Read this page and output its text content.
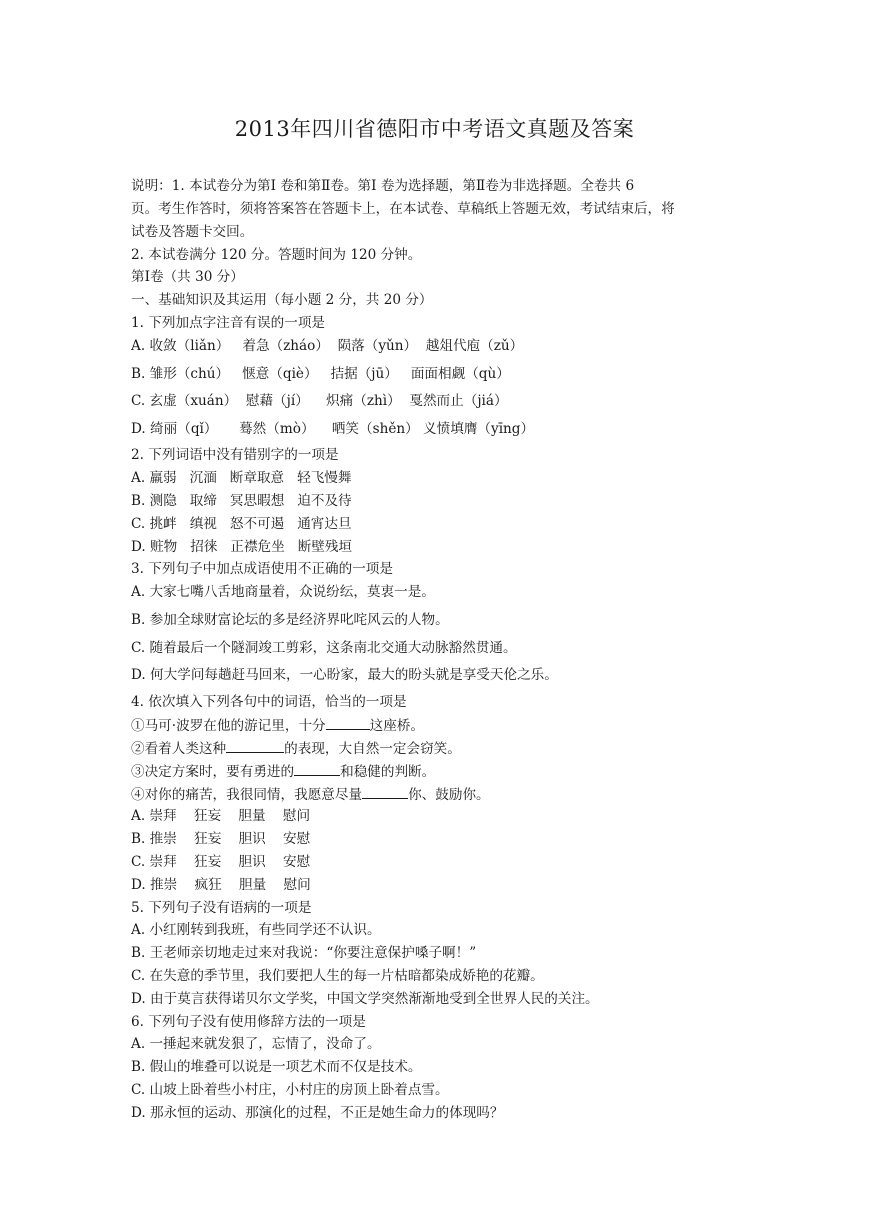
2013年四川省德阳市中考语文真题及答案
说明：1. 本试卷分为第Ⅰ 卷和第Ⅱ卷。第Ⅰ 卷为选择题，第Ⅱ卷为非选择题。全卷共 6
页。考生作答时，须将答案答在答题卡上，在本试卷、草稿纸上答题无效，考试结束后，将
试卷及答题卡交回。
2. 本试卷满分 120 分。答题时间为 120 分钟。
第Ⅰ卷（共 30 分）
一、基础知识及其运用（每小题 2 分，共 20 分）
1. 下列加点字注音有误的一项是
A. 收敛（liǎn）   着急（zháo）  陨落（yǔn）  越俎代庖（zǔ）
B. 雏形（chú）   惬意（qiè）   拮据（jū）   面面相觑（qù）
C. 玄虚（xuán）  慰藉（jí）    炽痛（zhì）  戛然而止（jiá）
D. 绮丽（qǐ）     蓦然（mò）    哂笑（shěn） 义愤填膺（yīng）
2. 下列词语中没有错别字的一项是
A. 羸弱   沉湎   断章取意   轻飞慢舞
B. 测隐   取缔   冥思暇想   迫不及待
C. 挑衅   缜视   怒不可遏   通宵达旦
D. 赃物   招徕   正襟危坐   断壁残垣
3. 下列句子中加点成语使用不正确的一项是
A. 大家七嘴八舌地商量着，众说纷纭，莫衷一是。
B. 参加全球财富论坛的多是经济界叱咤风云的人物。
C. 随着最后一个隧洞竣工剪彩，这条南北交通大动脉豁然贯通。
D. 何大学问每趟赶马回来，一心盼家，最大的盼头就是享受天伦之乐。
4. 依次填入下列各句中的词语，恰当的一项是
①马可·波罗在他的游记里，十分	这座桥。
②看着人类这种	的表现，大自然一定会窃笑。
③决定方案时，要有勇进的	和稳健的判断。
④对你的痛苦，我很同情，我愿意尽量	你、鼓励你。
A. 崇拜    狂妄    胆量    慰问
B. 推崇    狂妄    胆识    安慰
C. 崇拜    狂妄    胆识    安慰
D. 推崇    疯狂    胆量    慰问
5. 下列句子没有语病的一项是
A. 小红刚转到我班，有些同学还不认识。
B. 王老师亲切地走过来对我说：“你要注意保护嗓子啊！”
C. 在失意的季节里，我们要把人生的每一片枯暗都染成娇艳的花瓣。
D. 由于莫言获得诺贝尔文学奖，中国文学突然渐渐地受到全世界人民的关注。
6. 下列句子没有使用修辞方法的一项是
A. 一捶起来就发狠了，忘情了，没命了。
B. 假山的堆叠可以说是一项艺术而不仅是技术。
C. 山坡上卧着些小村庄，小村庄的房顶上卧着点雪。
D. 那永恒的运动、那演化的过程，不正是她生命力的体现吗？
